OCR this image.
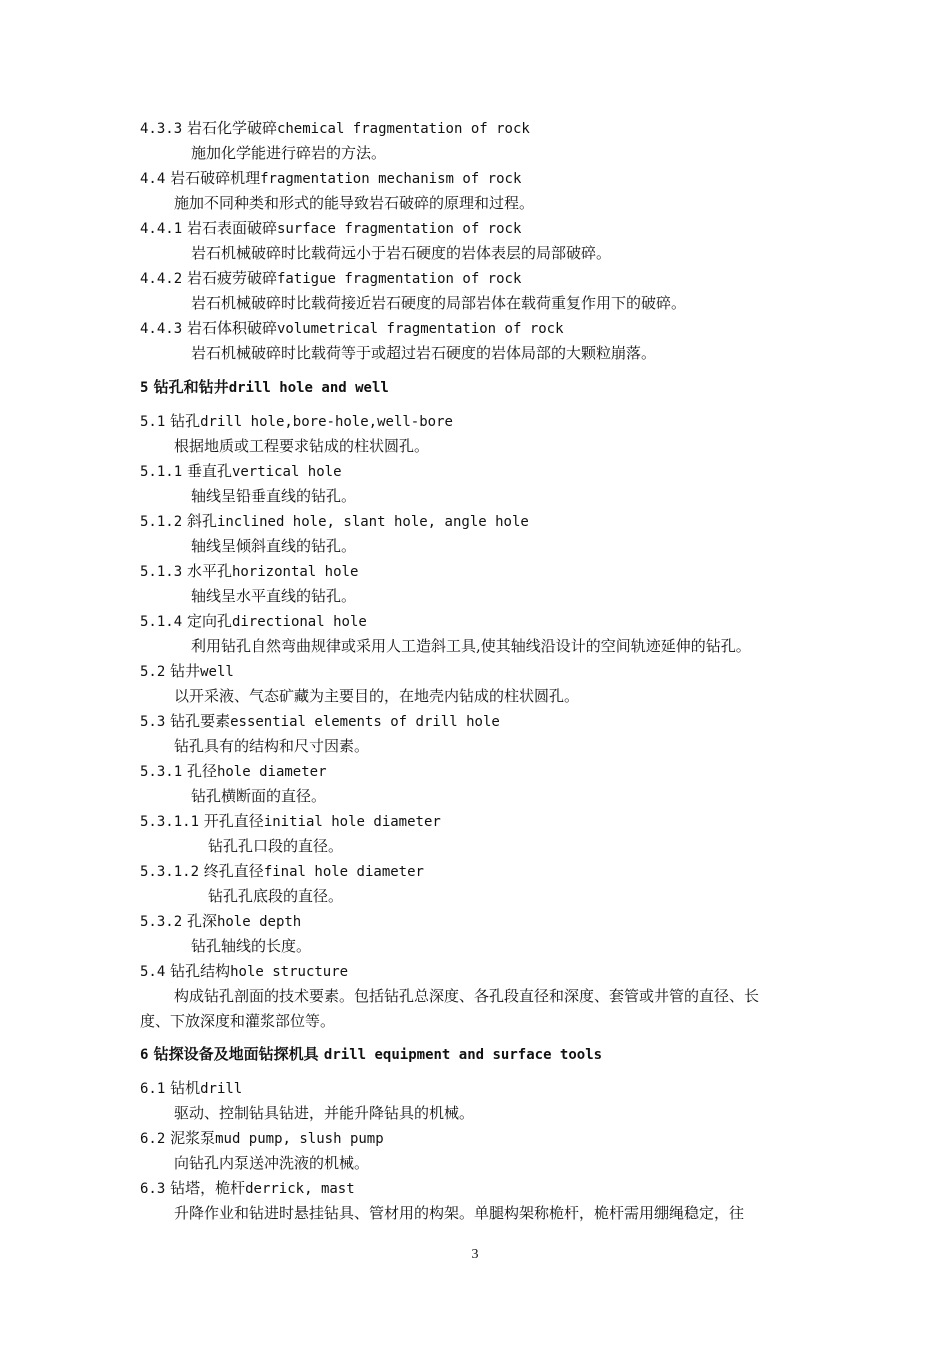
4.3.3 岩石化学破碎chemical fragmentation of rock
施加化学能进行碎岩的方法。
4.4 岩石破碎机理fragmentation mechanism of rock
施加不同种类和形式的能导致岩石破碎的原理和过程。
4.4.1 岩石表面破碎surface fragmentation of rock
岩石机械破碎时比载荷远小于岩石硬度的岩体表层的局部破碎。
4.4.2 岩石疲劳破碎fatigue fragmentation of rock
岩石机械破碎时比载荷接近岩石硬度的局部岩体在载荷重复作用下的破碎。
4.4.3 岩石体积破碎volumetrical fragmentation of rock
岩石机械破碎时比载荷等于或超过岩石硬度的岩体局部的大颗粒崩落。
5 钻孔和钻井drill hole and well
5.1 钻孔drill hole,bore-hole,well-bore
根据地质或工程要求钻成的柱状圆孔。
5.1.1 垂直孔vertical hole
轴线呈铅垂直线的钻孔。
5.1.2 斜孔inclined hole, slant hole, angle hole
轴线呈倾斜直线的钻孔。
5.1.3 水平孔horizontal hole
轴线呈水平直线的钻孔。
5.1.4 定向孔directional hole
利用钻孔自然弯曲规律或采用人工造斜工具,使其轴线沿设计的空间轨迹延伸的钻孔。
5.2 钻井well
以开采液、气态矿藏为主要目的，在地壳内钻成的柱状圆孔。
5.3 钻孔要素essential elements of drill hole
钻孔具有的结构和尺寸因素。
5.3.1 孔径hole diameter
钻孔横断面的直径。
5.3.1.1 开孔直径initial hole diameter
钻孔孔口段的直径。
5.3.1.2 终孔直径final hole diameter
钻孔孔底段的直径。
5.3.2 孔深hole depth
钻孔轴线的长度。
5.4 钻孔结构hole structure
构成钻孔剖面的技术要素。包括钻孔总深度、各孔段直径和深度、套管或井管的直径、长
度、下放深度和灌浆部位等。
6 钻探设备及地面钻探机具 drill equipment and surface tools
6.1 钻机drill
驱动、控制钻具钻进，并能升降钻具的机械。
6.2 泥浆泵mud pump, slush pump
向钻孔内泵送冲洗液的机械。
6.3 钻塔，桅杆derrick, mast
升降作业和钻进时悬挂钻具、管材用的构架。单腿构架称桅杆，桅杆需用绷绳稳定，往
3
